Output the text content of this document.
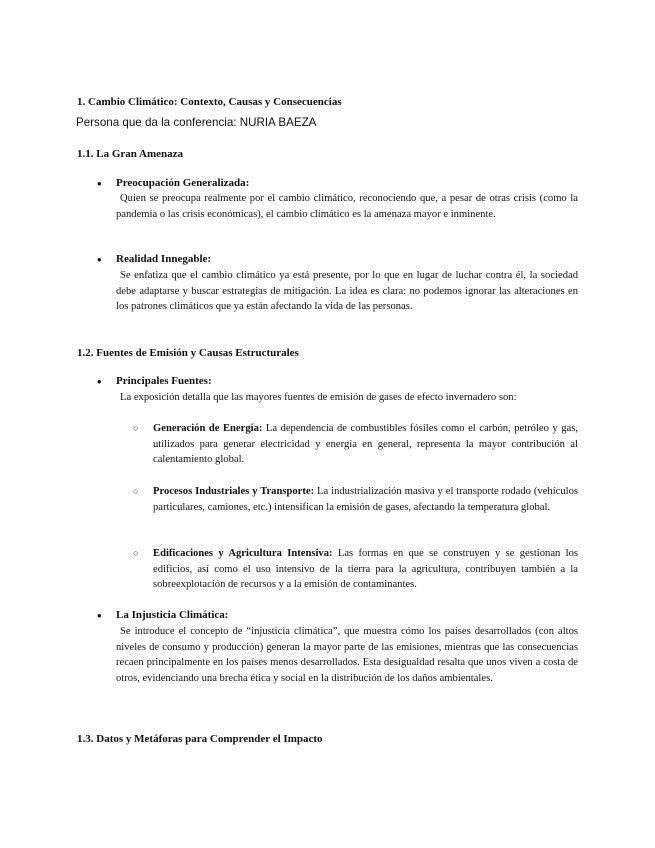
1. Cambio Climático: Contexto, Causas y Consecuencias
Persona que da la conferencia: NURIA BAEZA
1.1. La Gran Amenaza
• Preocupación Generalizada:
Quien se preocupa realmente por el cambio climático, reconociendo que, a pesar de otras crisis (como la pandemia o las crisis económicas), el cambio climático es la amenaza mayor e inminente.
• Realidad Innegable:
Se enfatiza que el cambio climático ya está presente, por lo que en lugar de luchar contra él, la sociedad debe adaptarse y buscar estrategias de mitigación. La idea es clara: no podemos ignorar las alteraciones en los patrones climáticos que ya están afectando la vida de las personas.
1.2. Fuentes de Emisión y Causas Estructurales
• Principales Fuentes:
La exposición detalla que las mayores fuentes de emisión de gases de efecto invernadero son:
Generación de Energía: La dependencia de combustibles fósiles como el carbón, petróleo y gas, utilizados para generar electricidad y energía en general, representa la mayor contribución al calentamiento global.
Procesos Industriales y Transporte: La industrialización masiva y el transporte rodado (vehículos particulares, camiones, etc.) intensifican la emisión de gases, afectando la temperatura global.
Edificaciones y Agricultura Intensiva: Las formas en que se construyen y se gestionan los edificios, así como el uso intensivo de la tierra para la agricultura, contribuyen también a la sobreexplotación de recursos y a la emisión de contaminantes.
• La Injusticia Climática:
Se introduce el concepto de “injusticia climática”, que muestra cómo los países desarrollados (con altos niveles de consumo y producción) generan la mayor parte de las emisiones, mientras que las consecuencias recaen principalmente en los países menos desarrollados. Esta desigualdad resalta que unos viven a costa de otros, evidenciando una brecha ética y social en la distribución de los daños ambientales.
1.3. Datos y Metáforas para Comprender el Impacto
